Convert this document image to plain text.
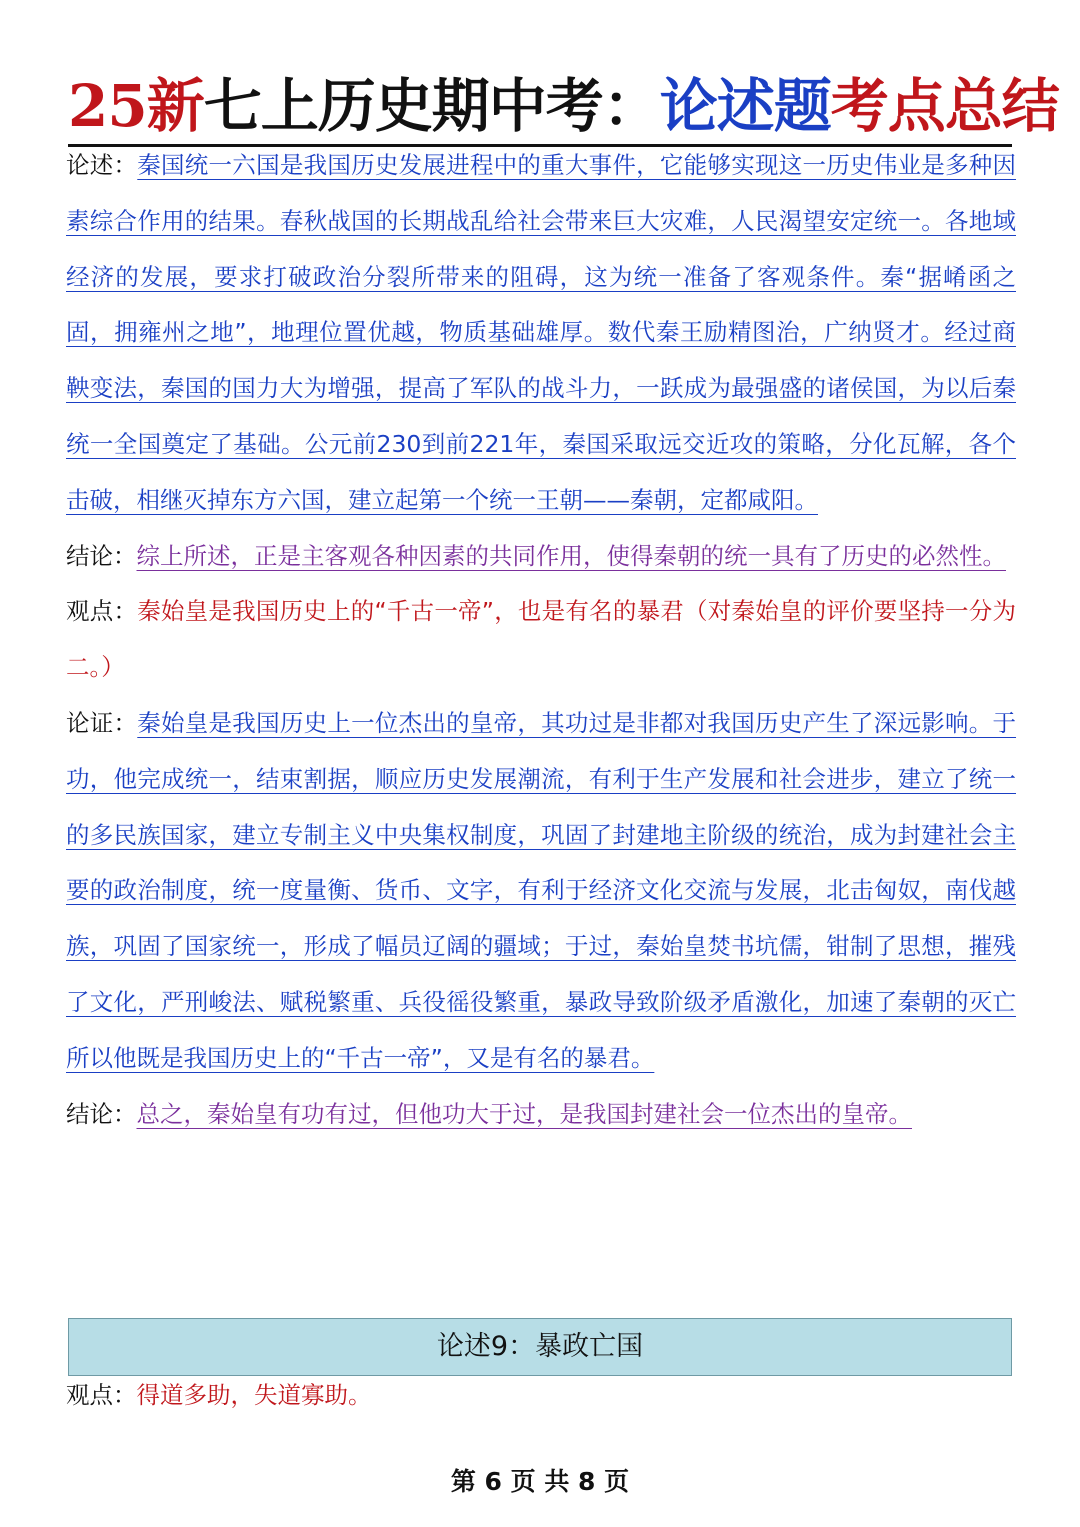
25新七上历史期中考：论述题考点总结

论述：秦国统一六国是我国历史发展进程中的重大事件，它能够实现这一历史伟业是多种因素综合作用的结果。春秋战国的长期战乱给社会带来巨大灾难，人民渴望安定统一。各地域经济的发展，要求打破政治分裂所带来的阻碍，这为统一准备了客观条件。秦“据崤函之固，拥雍州之地”，地理位置优越，物质基础雄厚。数代秦王励精图治，广纳贤才。经过商鞅变法，秦国的国力大为增强，提高了军队的战斗力，一跃成为最强盛的诸侯国，为以后秦统一全国奠定了基础。公元前230到前221年，秦国采取远交近攻的策略，分化瓦解，各个击破，相继灭掉东方六国，建立起第一个统一王朝——秦朝，定都咸阳。

结论：综上所述，正是主客观各种因素的共同作用，使得秦朝的统一具有了历史的必然性。

观点：秦始皇是我国历史上的“千古一帝”，也是有名的暴君（对秦始皇的评价要坚持一分为二。）

论证：秦始皇是我国历史上一位杰出的皇帝，其功过是非都对我国历史产生了深远影响。于功，他完成统一，结束割据，顺应历史发展潮流，有利于生产发展和社会进步，建立了统一的多民族国家，建立专制主义中央集权制度，巩固了封建地主阶级的统治，成为封建社会主要的政治制度，统一度量衡、货币、文字，有利于经济文化交流与发展，北击匈奴，南伐越族，巩固了国家统一，形成了幅员辽阔的疆域；于过，秦始皇焚书坑儒，钳制了思想，摧残了文化，严刑峻法、赋税繁重、兵役徭役繁重，暴政导致阶级矛盾激化，加速了秦朝的灭亡所以他既是我国历史上的“千古一帝”，又是有名的暴君。

结论：总之，秦始皇有功有过，但他功大于过，是我国封建社会一位杰出的皇帝。

论述9：暴政亡国

观点：得道多助，失道寡助。

第 6 页 共 8 页
